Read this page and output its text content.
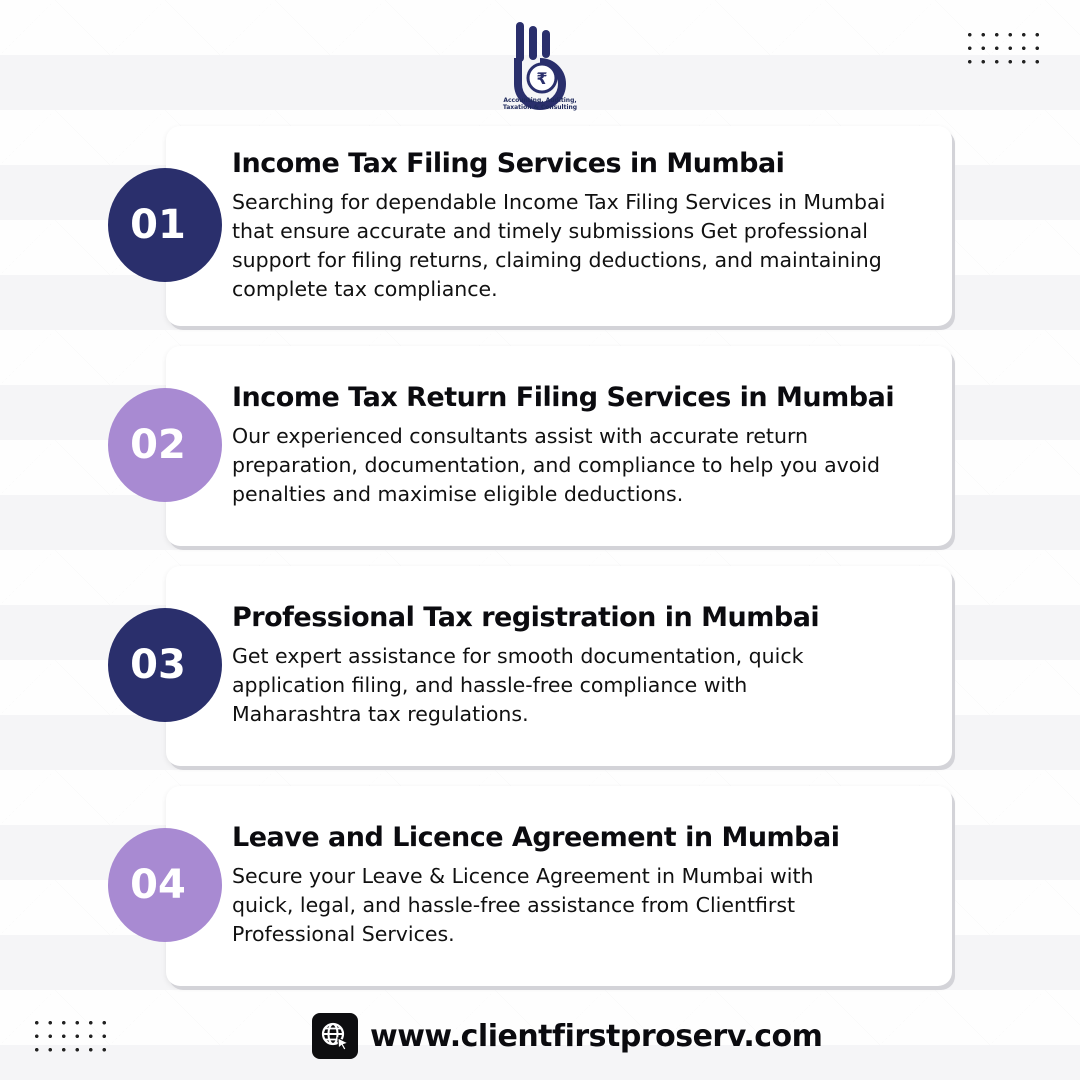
₹
Accounting, Auditing, Taxation & Consulting
Income Tax Filing Services in Mumbai
Searching for dependable Income Tax Filing Services in Mumbai that ensure accurate and timely submissions Get professional support for filing returns, claiming deductions, and maintaining complete tax compliance.
01
Income Tax Return Filing Services in Mumbai
Our experienced consultants assist with accurate return preparation, documentation, and compliance to help you avoid penalties and maximise eligible deductions.
02
Professional Tax registration in Mumbai
Get expert assistance for smooth documentation, quick application filing, and hassle-free compliance with Maharashtra tax regulations.
03
Leave and Licence Agreement in Mumbai
Secure your Leave & Licence Agreement in Mumbai with quick, legal, and hassle-free assistance from Clientfirst Professional Services.
04
www.clientfirstproserv.com
